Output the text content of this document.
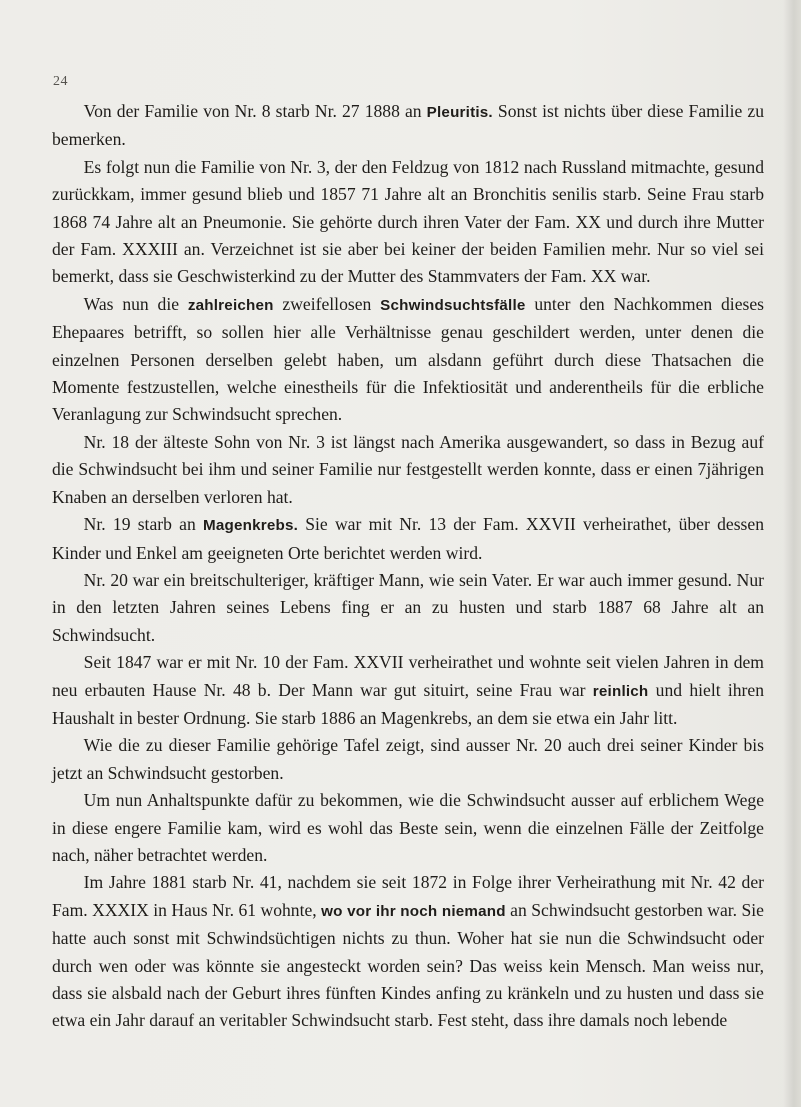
24

Von der Familie von Nr. 8 starb Nr. 27 1888 an Pleuritis. Sonst ist nichts über diese Familie zu bemerken.

Es folgt nun die Familie von Nr. 3, der den Feldzug von 1812 nach Russland mitmachte, gesund zurückkam, immer gesund blieb und 1857 71 Jahre alt an Bronchitis senilis starb. Seine Frau starb 1868 74 Jahre alt an Pneumonie. Sie gehörte durch ihren Vater der Fam. XX und durch ihre Mutter der Fam. XXXIII an. Verzeichnet ist sie aber bei keiner der beiden Familien mehr. Nur so viel sei bemerkt, dass sie Geschwisterkind zu der Mutter des Stammvaters der Fam. XX war.

Was nun die zahlreichen zweifellosen Schwindsuchtsfälle unter den Nachkommen dieses Ehepaares betrifft, so sollen hier alle Verhältnisse genau geschildert werden, unter denen die einzelnen Personen derselben gelebt haben, um alsdann geführt durch diese Thatsachen die Momente festzustellen, welche einestheils für die Infektiosität und anderentheils für die erbliche Veranlagung zur Schwindsucht sprechen.

Nr. 18 der älteste Sohn von Nr. 3 ist längst nach Amerika ausgewandert, so dass in Bezug auf die Schwindsucht bei ihm und seiner Familie nur festgestellt werden konnte, dass er einen 7jährigen Knaben an derselben verloren hat.

Nr. 19 starb an Magenkrebs. Sie war mit Nr. 13 der Fam. XXVII verheirathet, über dessen Kinder und Enkel am geeigneten Orte berichtet werden wird.

Nr. 20 war ein breitschulteriger, kräftiger Mann, wie sein Vater. Er war auch immer gesund. Nur in den letzten Jahren seines Lebens fing er an zu husten und starb 1887 68 Jahre alt an Schwindsucht.

Seit 1847 war er mit Nr. 10 der Fam. XXVII verheirathet und wohnte seit vielen Jahren in dem neu erbauten Hause Nr. 48 b. Der Mann war gut situirt, seine Frau war reinlich und hielt ihren Haushalt in bester Ordnung. Sie starb 1886 an Magenkrebs, an dem sie etwa ein Jahr litt.

Wie die zu dieser Familie gehörige Tafel zeigt, sind ausser Nr. 20 auch drei seiner Kinder bis jetzt an Schwindsucht gestorben.

Um nun Anhaltspunkte dafür zu bekommen, wie die Schwindsucht ausser auf erblichem Wege in diese engere Familie kam, wird es wohl das Beste sein, wenn die einzelnen Fälle der Zeitfolge nach, näher betrachtet werden.

Im Jahre 1881 starb Nr. 41, nachdem sie seit 1872 in Folge ihrer Verheirathung mit Nr. 42 der Fam. XXXIX in Haus Nr. 61 wohnte, wo vor ihr noch niemand an Schwindsucht gestorben war. Sie hatte auch sonst mit Schwindsüchtigen nichts zu thun. Woher hat sie nun die Schwindsucht oder durch wen oder was könnte sie angesteckt worden sein? Das weiss kein Mensch. Man weiss nur, dass sie alsbald nach der Geburt ihres fünften Kindes anfing zu kränkeln und zu husten und dass sie etwa ein Jahr darauf an veritabler Schwindsucht starb. Fest steht, dass ihre damals noch lebende
